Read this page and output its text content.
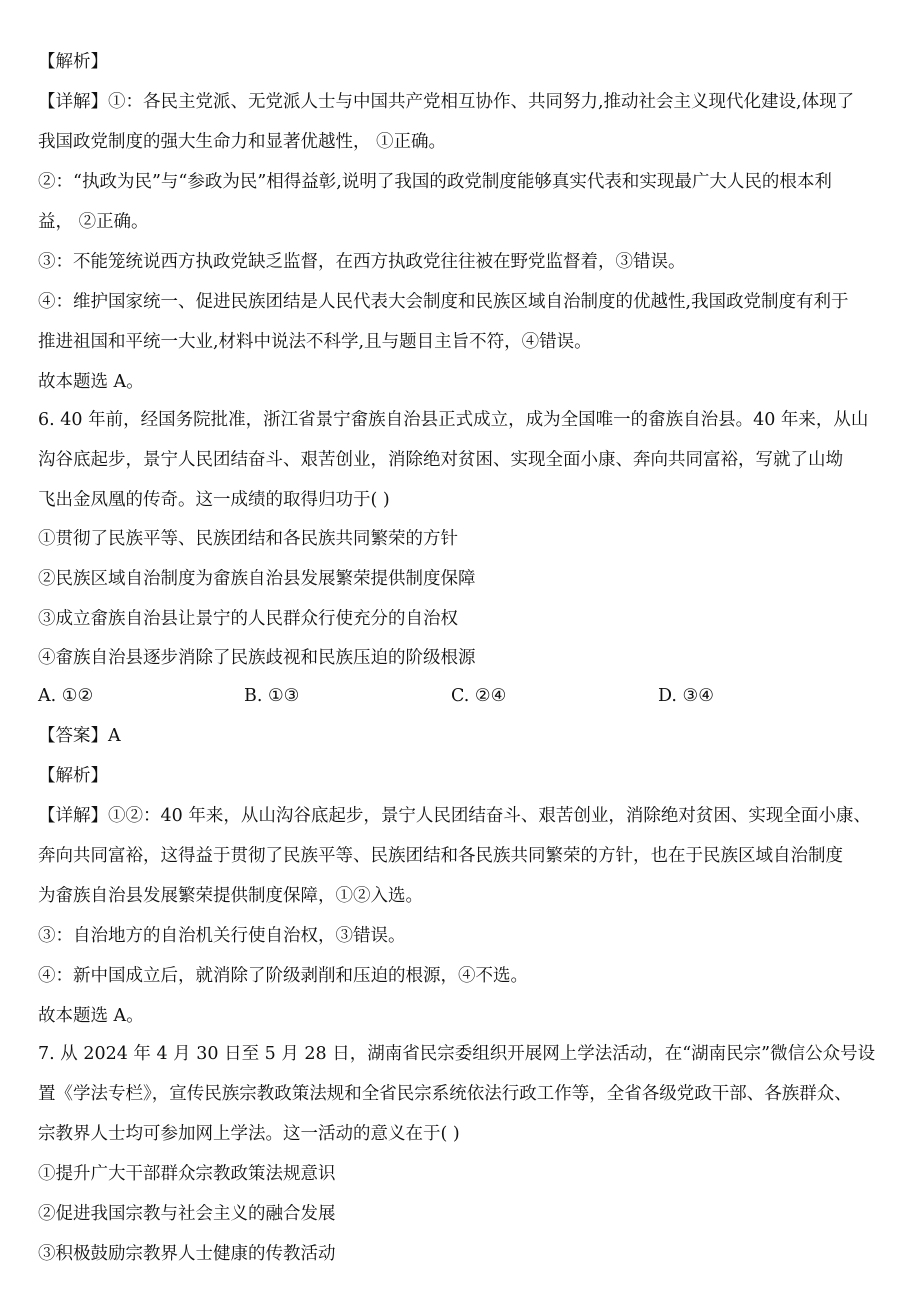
【解析】
【详解】①：各民主党派、无党派人士与中国共产党相互协作、共同努力,推动社会主义现代化建设,体现了
我国政党制度的强大生命力和显著优越性， ①正确。
②：“执政为民”与“参政为民”相得益彰,说明了我国的政党制度能够真实代表和实现最广大人民的根本利
益， ②正确。
③：不能笼统说西方执政党缺乏监督，在西方执政党往往被在野党监督着，③错误。
④：维护国家统一、促进民族团结是人民代表大会制度和民族区域自治制度的优越性,我国政党制度有利于
推进祖国和平统一大业,材料中说法不科学,且与题目主旨不符，④错误。
故本题选 A。
6. 40 年前，经国务院批准，浙江省景宁畲族自治县正式成立，成为全国唯一的畲族自治县。40 年来，从山
沟谷底起步，景宁人民团结奋斗、艰苦创业，消除绝对贫困、实现全面小康、奔向共同富裕，写就了山坳
飞出金凤凰的传奇。这一成绩的取得归功于( )
①贯彻了民族平等、民族团结和各民族共同繁荣的方针
②民族区域自治制度为畲族自治县发展繁荣提供制度保障
③成立畲族自治县让景宁的人民群众行使充分的自治权
④畲族自治县逐步消除了民族歧视和民族压迫的阶级根源
A. ①②	B. ①③	C. ②④	D. ③④
【答案】A
【解析】
【详解】①②：40 年来，从山沟谷底起步，景宁人民团结奋斗、艰苦创业，消除绝对贫困、实现全面小康、
奔向共同富裕，这得益于贯彻了民族平等、民族团结和各民族共同繁荣的方针，也在于民族区域自治制度
为畲族自治县发展繁荣提供制度保障，①②入选。
③：自治地方的自治机关行使自治权，③错误。
④：新中国成立后，就消除了阶级剥削和压迫的根源，④不选。
故本题选 A。
7. 从 2024 年 4 月 30 日至 5 月 28 日，湖南省民宗委组织开展网上学法活动，在“湖南民宗”微信公众号设
置《学法专栏》，宣传民族宗教政策法规和全省民宗系统依法行政工作等，全省各级党政干部、各族群众、
宗教界人士均可参加网上学法。这一活动的意义在于( )
①提升广大干部群众宗教政策法规意识
②促进我国宗教与社会主义的融合发展
③积极鼓励宗教界人士健康的传教活动
